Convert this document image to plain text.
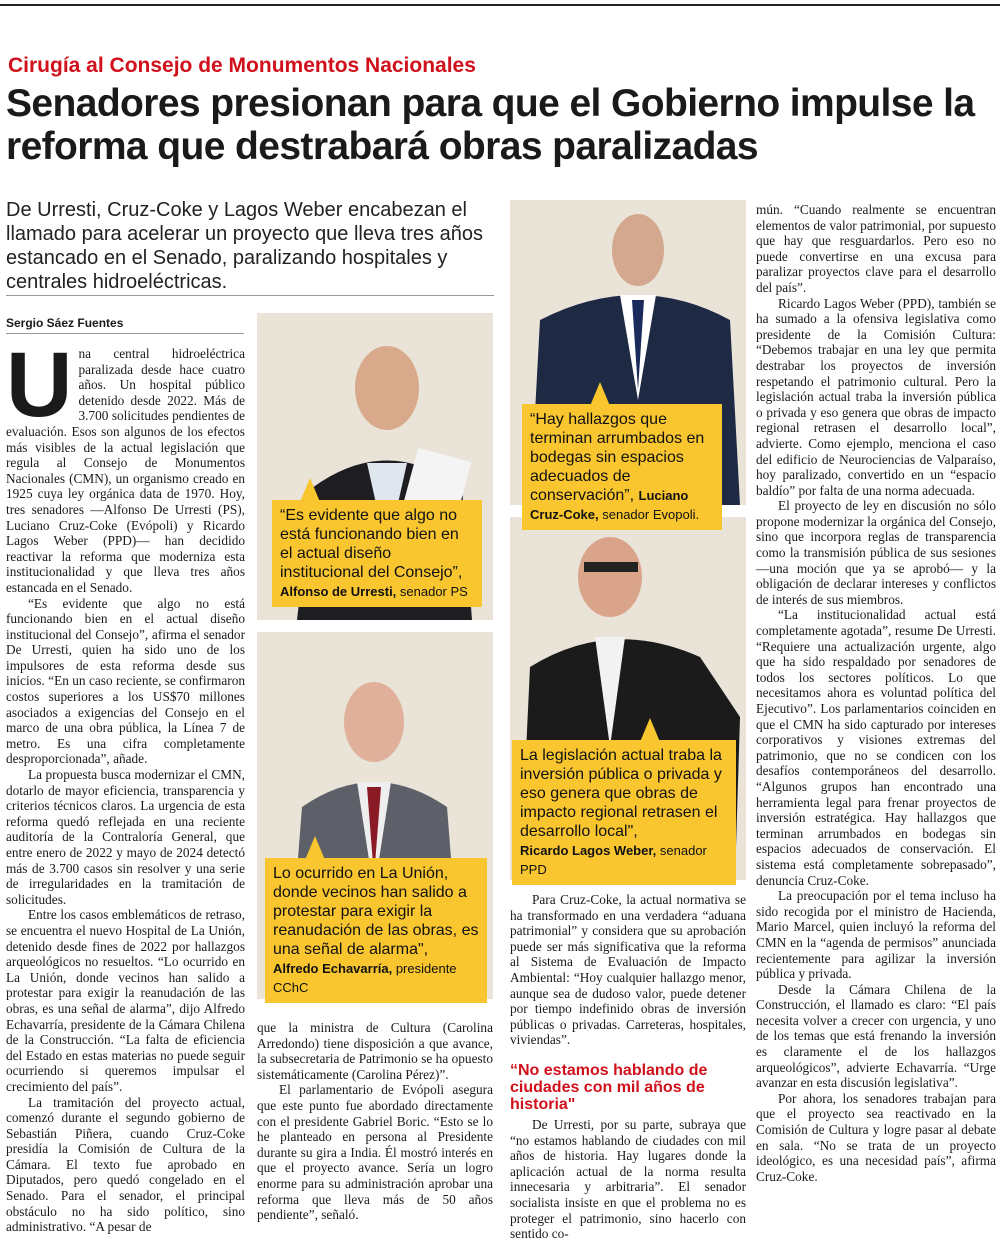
Cirugía al Consejo de Monumentos Nacionales
Senadores presionan para que el Gobierno impulse la reforma que destrabará obras paralizadas
De Urresti, Cruz-Coke y Lagos Weber encabezan el llamado para acelerar un proyecto que lleva tres años estancado en el Senado, paralizando hospitales y centrales hidroeléctricas.
Sergio Sáez Fuentes

Una central hidroeléctrica paralizada desde hace cuatro años. Un hospital público detenido desde 2022. Más de 3.700 solicitudes pendientes de evaluación. Esos son algunos de los efectos más visibles de la actual legislación que regula al Consejo de Monumentos Nacionales (CMN), un organismo creado en 1925 cuya ley orgánica data de 1970. Hoy, tres senadores —Alfonso De Urresti (PS), Luciano Cruz-Coke (Evópoli) y Ricardo Lagos Weber (PPD)— han decidido reactivar la reforma que moderniza esta institucionalidad y que lleva tres años estancada en el Senado.

“Es evidente que algo no está funcionando bien en el actual diseño institucional del Consejo”, afirma el senador De Urresti, quien ha sido uno de los impulsores de esta reforma desde sus inicios. “En un caso reciente, se confirmaron costos superiores a los US$70 millones asociados a exigencias del Consejo en el marco de una obra pública, la Línea 7 de metro. Es una cifra completamente desproporcionada”, añade.

La propuesta busca modernizar el CMN, dotarlo de mayor eficiencia, transparencia y criterios técnicos claros. La urgencia de esta reforma quedó reflejada en una reciente auditoría de la Contraloría General, que entre enero de 2022 y mayo de 2024 detectó más de 3.700 casos sin resolver y una serie de irregularidades en la tramitación de solicitudes.

Entre los casos emblemáticos de retraso, se encuentra el nuevo Hospital de La Unión, detenido desde fines de 2022 por hallazgos arqueológicos no resueltos. “Lo ocurrido en La Unión, donde vecinos han salido a protestar para exigir la reanudación de las obras, es una señal de alarma”, dijo Alfredo Echavarría, presidente de la Cámara Chilena de la Construcción. “La falta de eficiencia del Estado en estas materias no puede seguir ocurriendo si queremos impulsar el crecimiento del país”.

La tramitación del proyecto actual, comenzó durante el segundo gobierno de Sebastián Piñera, cuando Cruz-Coke presidía la Comisión de Cultura de la Cámara. El texto fue aprobado en Diputados, pero quedó congelado en el Senado. Para el senador, el principal obstáculo no ha sido político, sino administrativo. “A pesar de

“Es evidente que algo no está funcionando bien en el actual diseño institucional del Consejo”,
Alfonso de Urresti, senador PS
Lo ocurrido en La Unión, donde vecinos han salido a protestar para exigir la reanudación de las obras, es una señal de alarma",
Alfredo Echavarría, presidente CChC

que la ministra de Cultura (Carolina Arredondo) tiene disposición a que avance, la subsecretaria de Patrimonio se ha opuesto sistemáticamente (Carolina Pérez)”.

El parlamentario de Evópoli asegura que este punto fue abordado directamente con el presidente Gabriel Boric. “Esto se lo he planteado en persona al Presidente durante su gira a India. Él mostró interés en que el proyecto avance. Sería un logro enorme para su administración aprobar una reforma que lleva más de 50 años pendiente”, señaló.

“Hay hallazgos que terminan arrumbados en bodegas sin espacios adecuados de conservación”, Luciano Cruz-Coke, senador Evopoli.
La legislación actual traba la inversión pública o privada y eso genera que obras de impacto regional retrasen el desarrollo local",
Ricardo Lagos Weber, senador PPD

Para Cruz-Coke, la actual normativa se ha transformado en una verdadera “aduana patrimonial” y considera que su aprobación puede ser más significativa que la reforma al Sistema de Evaluación de Impacto Ambiental: “Hoy cualquier hallazgo menor, aunque sea de dudoso valor, puede detener por tiempo indefinido obras de inversión públicas o privadas. Carreteras, hospitales, viviendas”.

“No estamos hablando de ciudades con mil años de historia"

De Urresti, por su parte, subraya que “no estamos hablando de ciudades con mil años de historia. Hay lugares donde la aplicación actual de la norma resulta innecesaria y arbitraria”. El senador socialista insiste en que el problema no es proteger el patrimonio, sino hacerlo con sentido co-

mún. “Cuando realmente se encuentran elementos de valor patrimonial, por supuesto que hay que resguardarlos. Pero eso no puede convertirse en una excusa para paralizar proyectos clave para el desarrollo del país”.

Ricardo Lagos Weber (PPD), también se ha sumado a la ofensiva legislativa como presidente de la Comisión Cultura: “Debemos trabajar en una ley que permita destrabar los proyectos de inversión respetando el patrimonio cultural. Pero la legislación actual traba la inversión pública o privada y eso genera que obras de impacto regional retrasen el desarrollo local”, advierte. Como ejemplo, menciona el caso del edificio de Neurociencias de Valparaíso, hoy paralizado, convertido en un “espacio baldío” por falta de una norma adecuada.

El proyecto de ley en discusión no sólo propone modernizar la orgánica del Consejo, sino que incorpora reglas de transparencia como la transmisión pública de sus sesiones —una moción que ya se aprobó— y la obligación de declarar intereses y conflictos de interés de sus miembros.

“La institucionalidad actual está completamente agotada”, resume De Urresti. “Requiere una actualización urgente, algo que ha sido respaldado por senadores de todos los sectores políticos. Lo que necesitamos ahora es voluntad política del Ejecutivo”. Los parlamentarios coinciden en que el CMN ha sido capturado por intereses corporativos y visiones extremas del patrimonio, que no se condicen con los desafíos contemporáneos del desarrollo. “Algunos grupos han encontrado una herramienta legal para frenar proyectos de inversión estratégica. Hay hallazgos que terminan arrumbados en bodegas sin espacios adecuados de conservación. El sistema está completamente sobrepasado”, denuncia Cruz-Coke.

La preocupación por el tema incluso ha sido recogida por el ministro de Hacienda, Mario Marcel, quien incluyó la reforma del CMN en la “agenda de permisos” anunciada recientemente para agilizar la inversión pública y privada.

Desde la Cámara Chilena de la Construcción, el llamado es claro: “El país necesita volver a crecer con urgencia, y uno de los temas que está frenando la inversión es claramente el de los hallazgos arqueológicos”, advierte Echavarría. “Urge avanzar en esta discusión legislativa”.

Por ahora, los senadores trabajan para que el proyecto sea reactivado en la Comisión de Cultura y logre pasar al debate en sala. “No se trata de un proyecto ideológico, es una necesidad país”, afirma Cruz-Coke.
